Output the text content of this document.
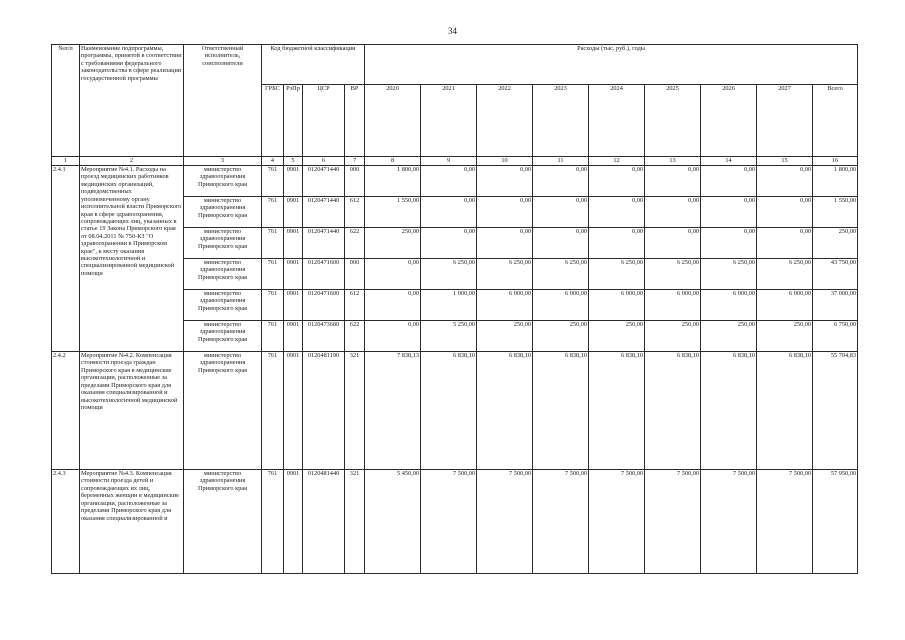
34
№п/п	Наименование подпрограммы, программы, принятой в соответствии с требованиями федерального законодательства в сфере реализации государственной программы	Ответственный исполнитель, соисполнители	Код бюджетной классификации				Расходы (тыс. руб.), годы								
			ГРБС	РзПр	ЦСР	ВР	2020	2021	2022	2023	2024	2025	2026	2027	Всего
1	2	3	4	5	6	7	8	9	10	11	12	13	14	15	16
2.4.1	Мероприятие №4.1. Расходы на проезд медицинских работников медицинских организаций, подведомственных уполномоченному органу исполнительной власти Приморского края в сфере здравоохранения, сопровождающих лиц, указанных в статье 19 Закона Приморского края от 08.04.2011 № 750-КЗ "О здравоохранении в Приморском крае", к месту оказания высокотехнологичной и специализированной медицинской помощи	министерство здравоохранения Приморского края	761	0901	0120471440	000	1 800,00	0,00	0,00	0,00	0,00	0,00	0,00	0,00	1 800,00
		министерство здравоохранения Приморского края	761	0901	0120471440	612	1 550,00	0,00	0,00	0,00	0,00	0,00	0,00	0,00	1 550,00
		министерство здравоохранения Приморского края	761	0901	0120471440	622	250,00	0,00	0,00	0,00	0,00	0,00	0,00	0,00	250,00
		министерство здравоохранения Приморского края	761	0901	0120471600	000	0,00	6 250,00	6 250,00	6 250,00	6 250,00	6 250,00	6 250,00	6 250,00	43 750,00
		министерство здравоохранения Приморского края	761	0901	0120471600	612	0,00	1 000,00	6 000,00	6 000,00	6 000,00	6 000,00	6 000,00	6 000,00	37 000,00
		министерство здравоохранения Приморского края	761	0901	0120473600	622	0,00	5 250,00	250,00	250,00	250,00	250,00	250,00	250,00	6 750,00
2.4.2	Мероприятие №4.2. Компенсация стоимости проезда граждан Приморского края в медицинские организации, расположенные за пределами Приморского края для оказания специализированной и высокотехнологичной медицинской помощи	министерство здравоохранения Приморского края	761	0901	0120481190	321	7 838,13	6 838,10	6 838,10	6 838,10	6 838,10	6 838,10	6 838,10	6 838,10	55 704,83
2.4.3	Мероприятие №4.3. Компенсация стоимости проезда детей и сопровождающих их лиц, беременных женщин в медицинские организации, расположенные за пределами Приморского края для оказания специализированной и	министерство здравоохранения Приморского края	761	0901	0120481440	321	5 450,00	7 500,00	7 500,00	7 500,00	7 500,00	7 500,00	7 500,00	7 500,00	57 950,00
